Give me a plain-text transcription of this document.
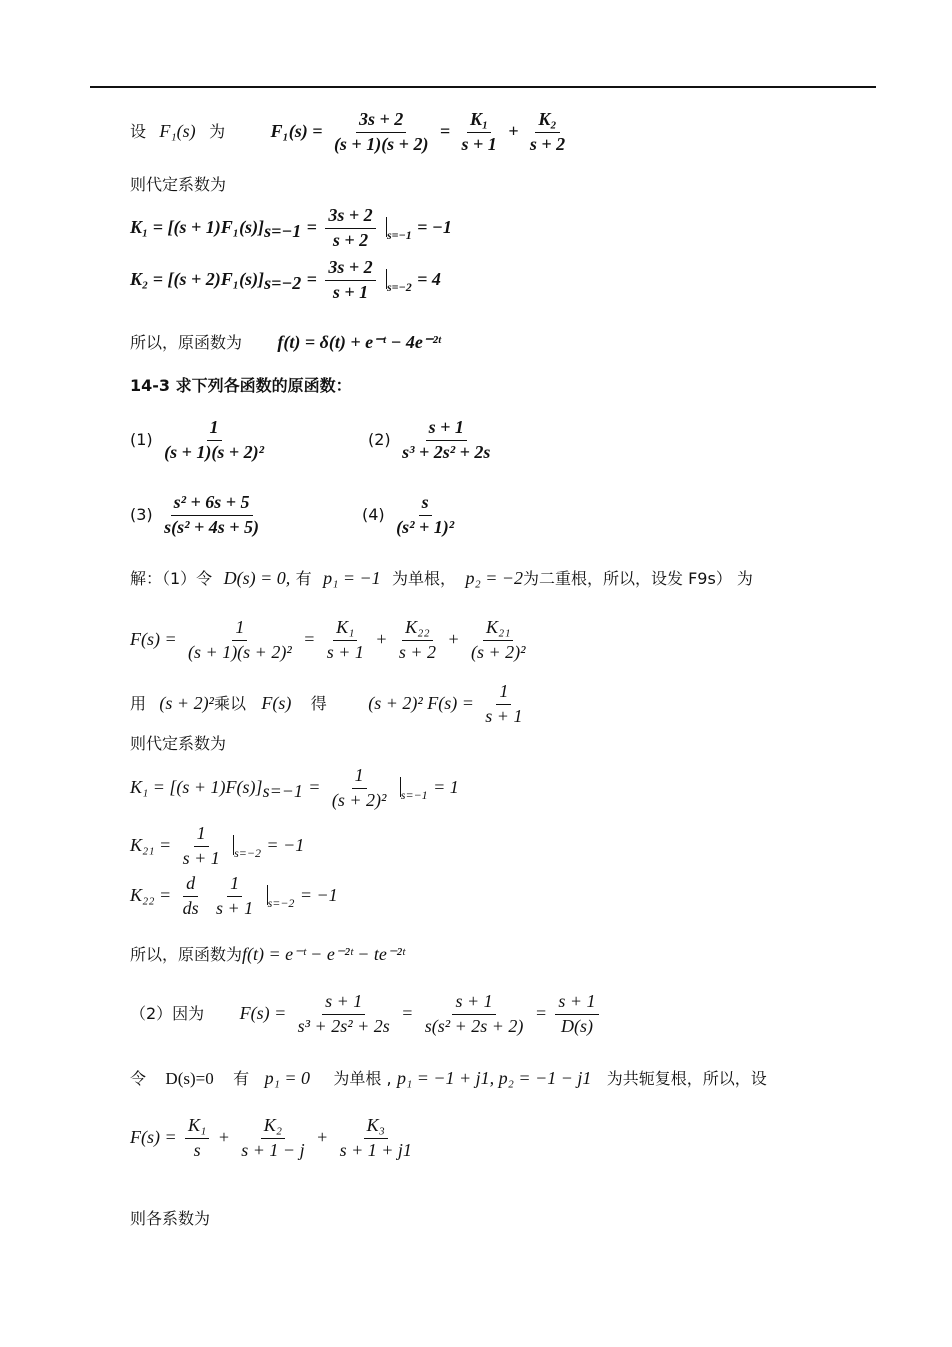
设 F₁(s) 为	$F_1(s) = \frac{3s + 2}{(s + 1)(s + 2)} = \frac{\text{K₁}}{s + 1} + \frac{\text{K₂}}{s + 2}$
则代定系数为
$K_1 = [(s + 1)F_1(s)]_{s=-1} = \frac{3s + 2}{s + 2} _{s=-1} = -1$
$K_2 = [(s + 2)F_1(s)]_{s=-2} = \frac{3s + 2}{s + 1} _{s=-2} = 4$
所以，原函数为 f(t) = δ(t) + e⁻ᵗ − 4e⁻²ᵗ
14-3 求下列各函数的原函数：
$(1) \frac{1}{\text{(s + 1)(s + 2)²}}$	$(2) \frac{s + 1}{\text{s³ + 2s² + 2s}}$
$(3) \frac{\text{s² + 6s + 5}}{\text{s(s² + 4s + 5)}}$	$(4) \frac{s}{\text{(s² + 1)²}}$
解：（1）令 D(s) = 0, 有 p₁ = −1 为单根， p₂ = −2为二重根，所以，设发 F9s） 为
$F(s) = \frac{1}{\text{(s + 1)(s + 2)²}} = \frac{\text{K₁}}{s + 1} + \frac{\text{K₂₂}}{s + 2} + \frac{\text{K₂₁}}{\text{(s + 2)²}}$
用 (s + 2)²乘以 F(s) 得 (s + 2)² $F(s) = \frac{1}{s + 1}$
则代定系数为
$K_1 = [(s + 1)F(s)]_{s=-1} = \frac{1}{\text{(s + 2)²}} _{s=-1} = 1$
$K_{21} = \frac{1}{s + 1} _{s=-2} = -1$
$K_{22} = \frac{d}{ds}$
$\frac{1}{s + 1} _{s=-2} = -1$
所以，原函数为f(t) = e⁻ᵗ − e⁻²ᵗ − te⁻²ᵗ
（2）因为 $F(s) = \frac{s + 1}{\text{s³ + 2s² + 2s}} = \frac{s + 1}{\text{s(s² + 2s + 2)}} = \frac{s + 1}{D(s)}$
令 D(s)=0 有 p₁ = 0 为单根 , p₁ = −1 + j1, p₂ = −1 − j1 为共轭复根，所以，设
$F(s) = \frac{\text{K₁}}{s} + \frac{\text{K₂}}{s + 1 - j} + \frac{\text{K₃}}{s + 1 + j1}$
则各系数为
